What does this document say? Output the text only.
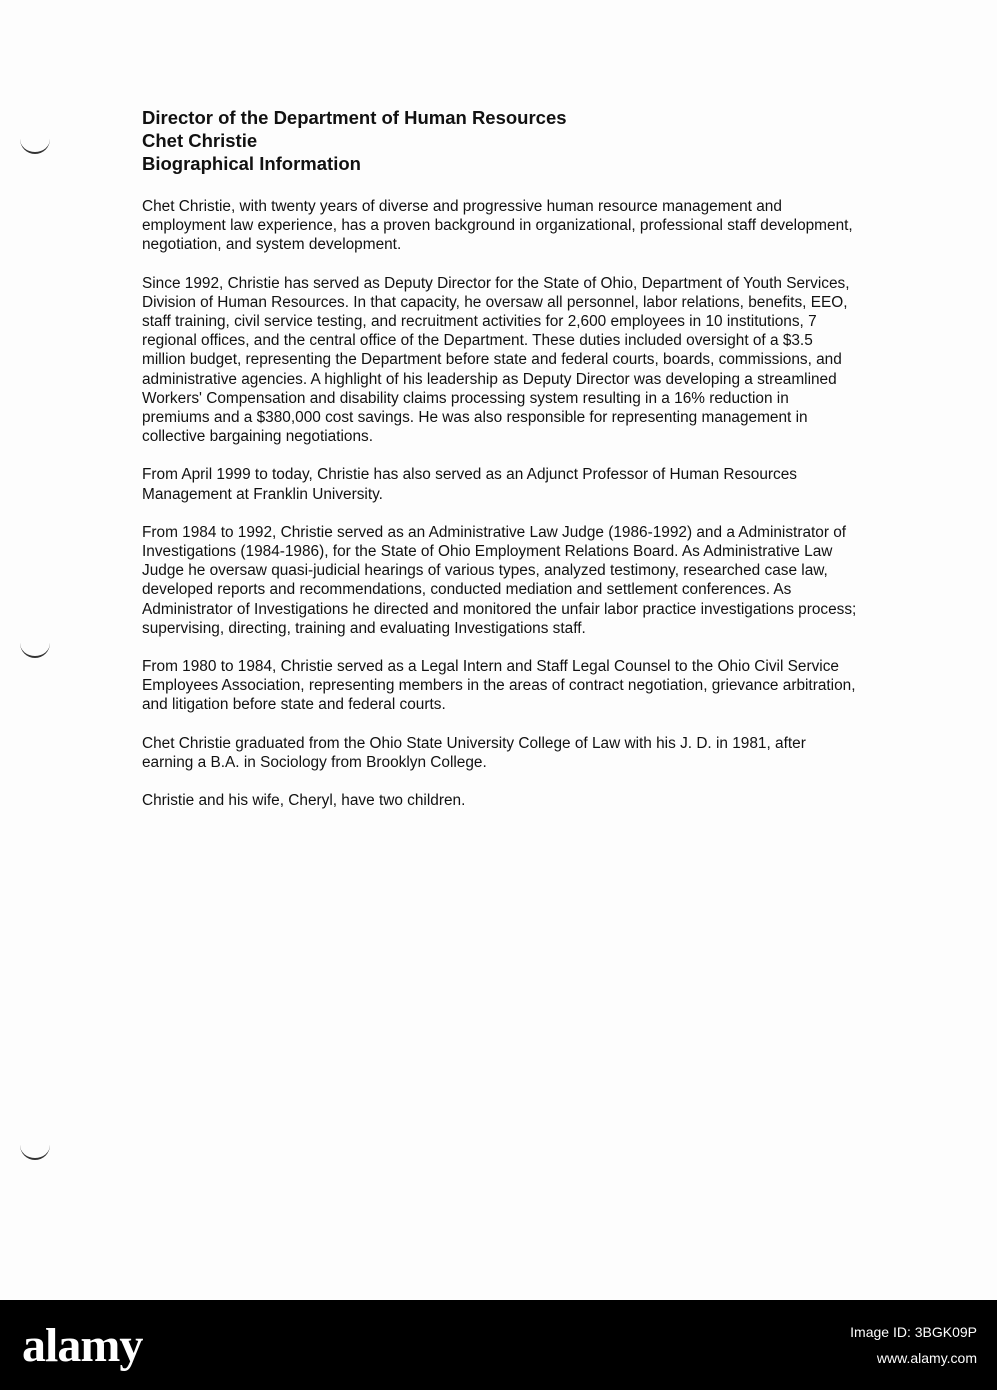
Director of the Department of Human Resources

Chet Christie

Biographical Information

Chet Christie, with twenty years of diverse and progressive human resource management and employment law experience, has a proven background in organizational, professional staff development, negotiation, and system development.

Since 1992, Christie has served as Deputy Director for the State of Ohio, Department of Youth Services, Division of Human Resources. In that capacity, he oversaw all personnel, labor relations, benefits, EEO, staff training, civil service testing, and recruitment activities for 2,600 employees in 10 institutions, 7 regional offices, and the central office of the Department. These duties included oversight of a $3.5 million budget, representing the Department before state and federal courts, boards, commissions, and administrative agencies. A highlight of his leadership as Deputy Director was developing a streamlined Workers' Compensation and disability claims processing system resulting in a 16% reduction in premiums and a $380,000 cost savings. He was also responsible for representing management in collective bargaining negotiations.

From April 1999 to today, Christie has also served as an Adjunct Professor of Human Resources Management at Franklin University.

From 1984 to 1992, Christie served as an Administrative Law Judge (1986-1992) and a Administrator of Investigations (1984-1986), for the State of Ohio Employment Relations Board. As Administrative Law Judge he oversaw quasi-judicial hearings of various types, analyzed testimony, researched case law, developed reports and recommendations, conducted mediation and settlement conferences. As Administrator of Investigations he directed and monitored the unfair labor practice investigations process; supervising, directing, training and evaluating Investigations staff.

From 1980 to 1984, Christie served as a Legal Intern and Staff Legal Counsel to the Ohio Civil Service Employees Association, representing members in the areas of contract negotiation, grievance arbitration, and litigation before state and federal courts.

Chet Christie graduated from the Ohio State University College of Law with his J. D. in 1981, after earning a B.A. in Sociology from Brooklyn College.

Christie and his wife, Cheryl, have two children.

alamy	Image ID: 3BGK09P
www.alamy.com
